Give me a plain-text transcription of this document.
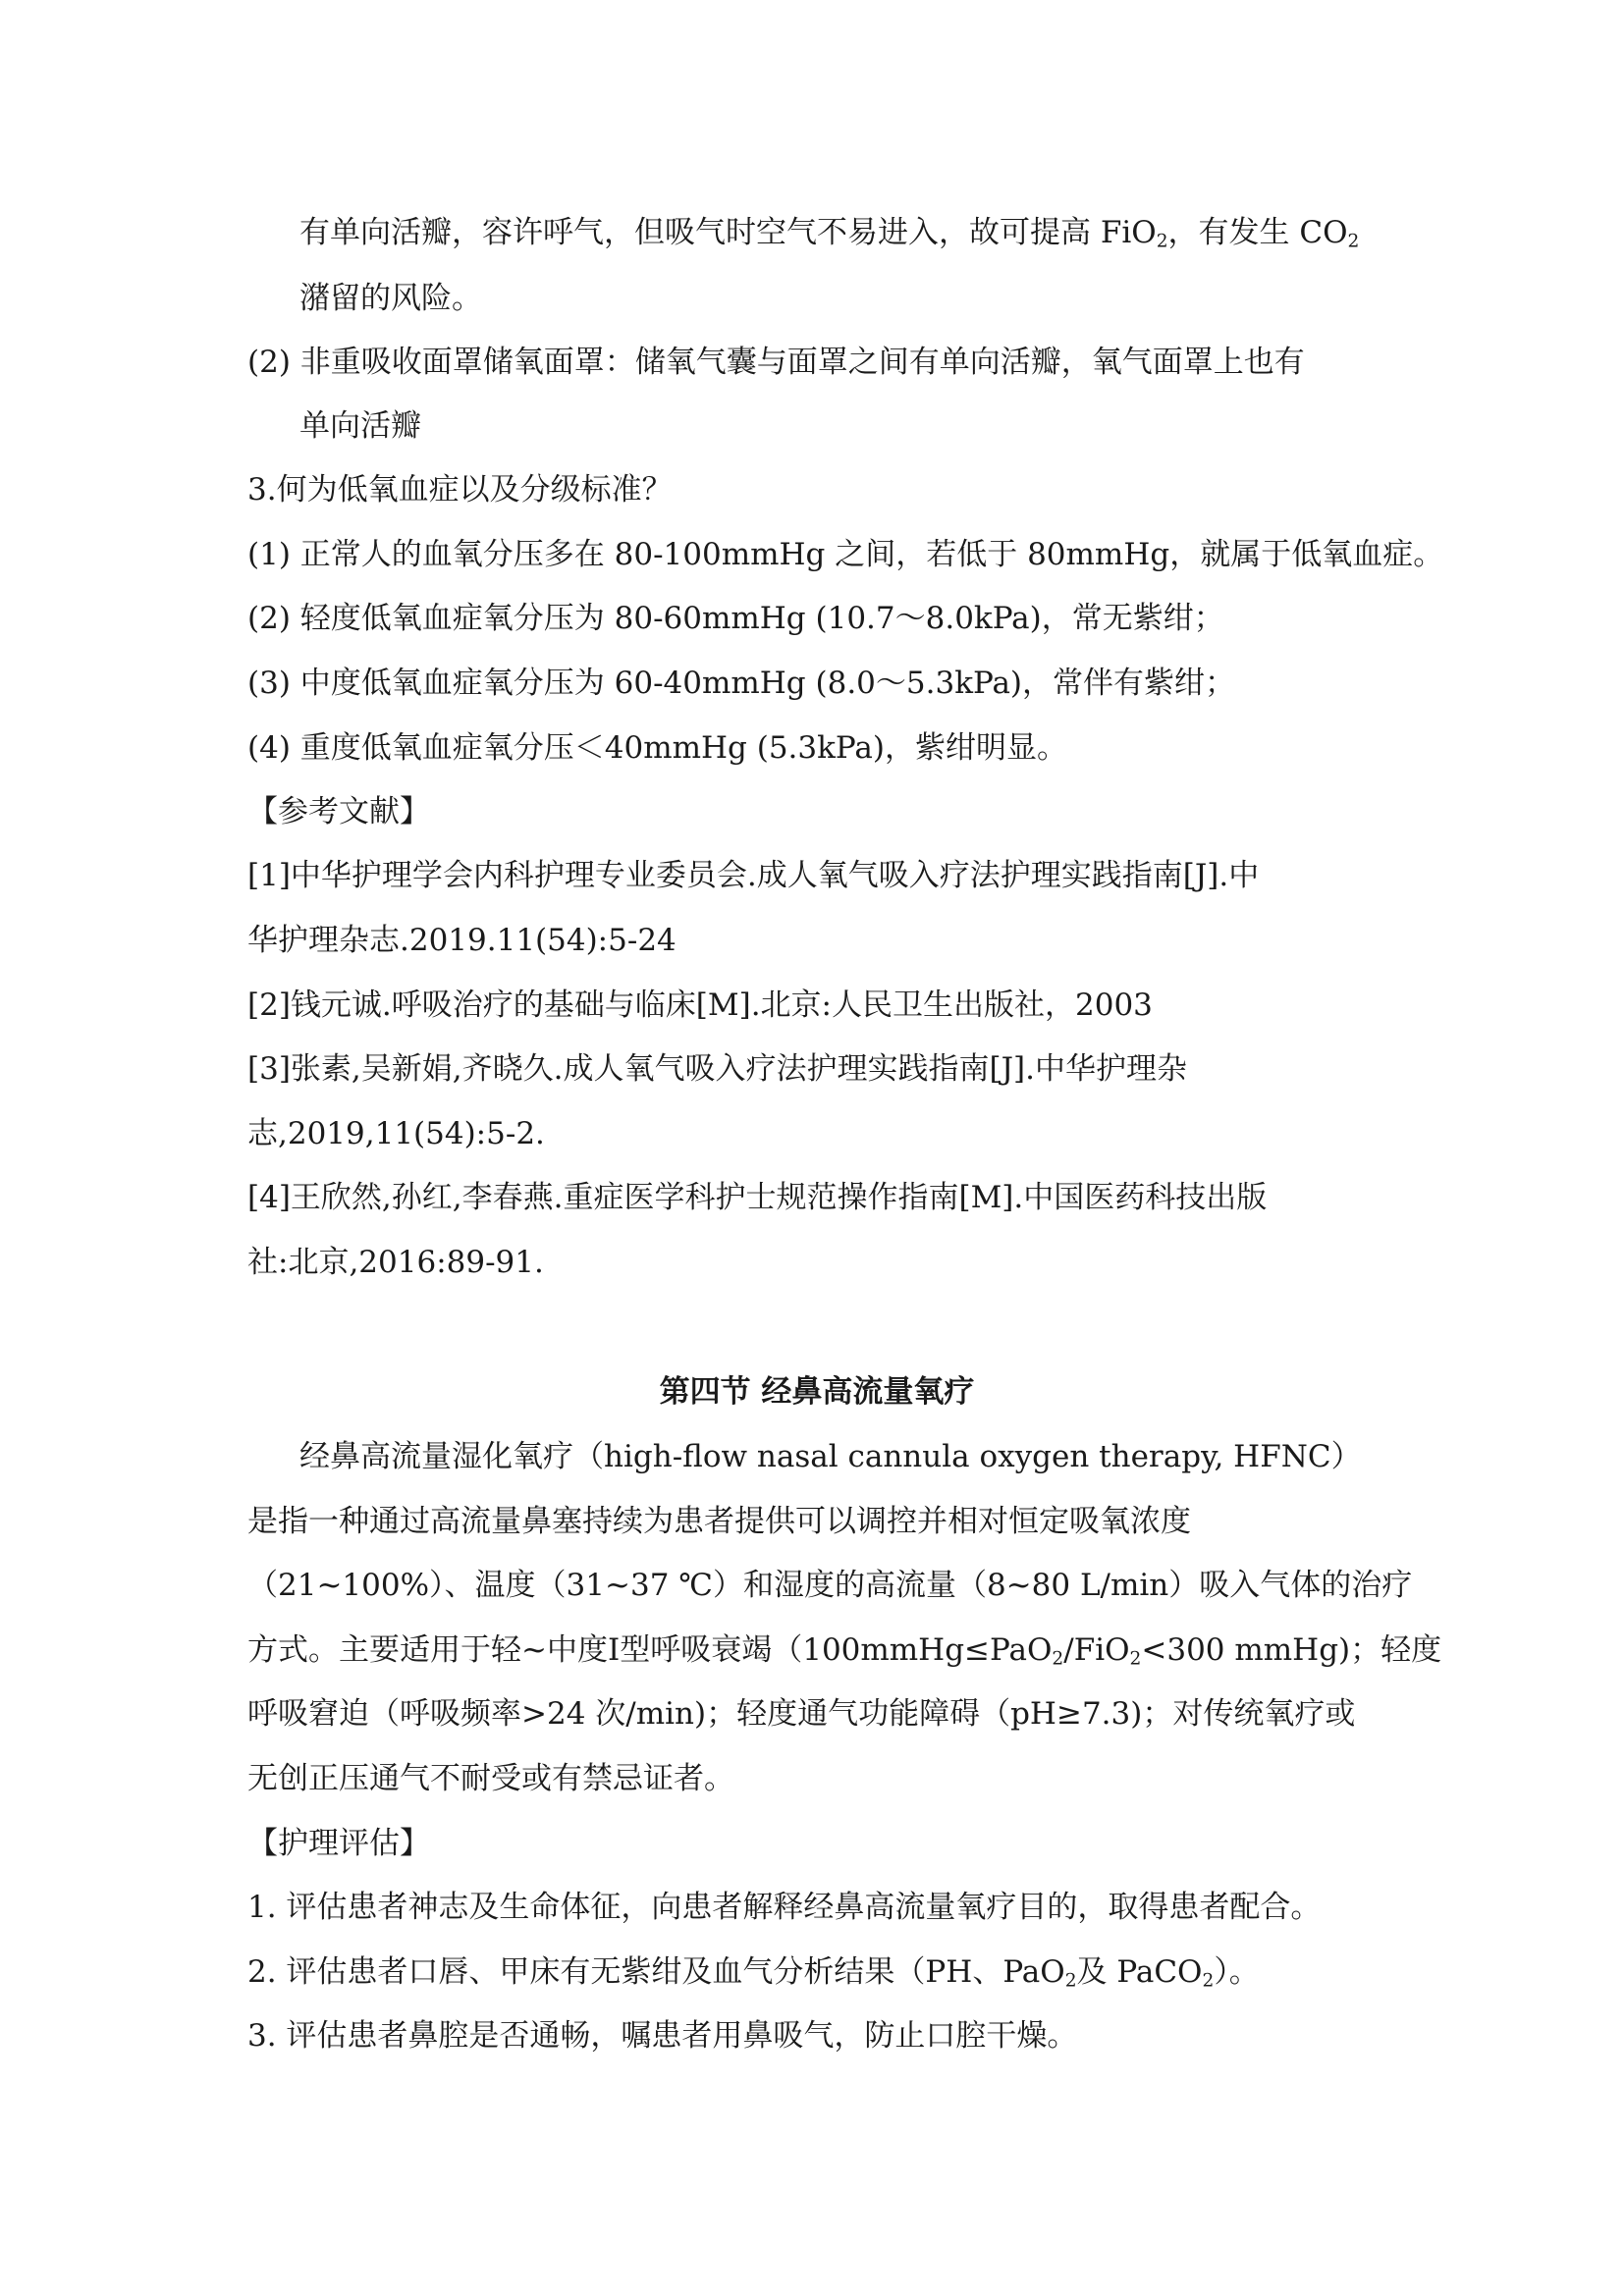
有单向活瓣，容许呼气，但吸气时空气不易进入，故可提高 FiO$_2$，有发生 $CO_2$
潴留的风险。
(2) 非重吸收面罩储氧面罩：储氧气囊与面罩之间有单向活瓣，氧气面罩上也有
单向活瓣
3.何为低氧血症以及分级标准？
(1) 正常人的血氧分压多在 80-100mmHg 之间，若低于 80mmHg，就属于低氧血症。
(2) 轻度低氧血症氧分压为 80-60mmHg (10.7～8.0kPa)，常无紫绀；
(3) 中度低氧血症氧分压为 60-40mmHg (8.0～5.3kPa)，常伴有紫绀；
(4) 重度低氧血症氧分压＜40mmHg (5.3kPa)，紫绀明显。
【参考文献】
[1]中华护理学会内科护理专业委员会.成人氧气吸入疗法护理实践指南[J].中
华护理杂志.2019.11(54):5-24
[2]钱元诚.呼吸治疗的基础与临床[M].北京:人民卫生出版社，2003
[3]张素,吴新娟,齐晓久.成人氧气吸入疗法护理实践指南[J].中华护理杂
志,2019,11(54):5-2.
[4]王欣然,孙红,李春燕.重症医学科护士规范操作指南[M].中国医药科技出版
社:北京,2016:89-91.
第四节 经鼻高流量氧疗
经鼻高流量湿化氧疗（high-flow nasal cannula oxygen therapy, HFNC）
是指一种通过高流量鼻塞持续为患者提供可以调控并相对恒定吸氧浓度
（21~100%）、温度（31~37 ℃）和湿度的高流量（8~80 L/min）吸入气体的治疗
方式。主要适用于轻~中度Ⅰ型呼吸衰竭（100mmHg≤PaO$_2$/FiO$_2$<300 mmHg)；轻度
呼吸窘迫（呼吸频率>24 次/min)；轻度通气功能障碍（pH≥7.3)；对传统氧疗或
无创正压通气不耐受或有禁忌证者。
【护理评估】
1. 评估患者神志及生命体征，向患者解释经鼻高流量氧疗目的，取得患者配合。
2. 评估患者口唇、甲床有无紫绀及血气分析结果（PH、PaO$_2$及 PaCO$_2$）。
3. 评估患者鼻腔是否通畅，嘱患者用鼻吸气，防止口腔干燥。
